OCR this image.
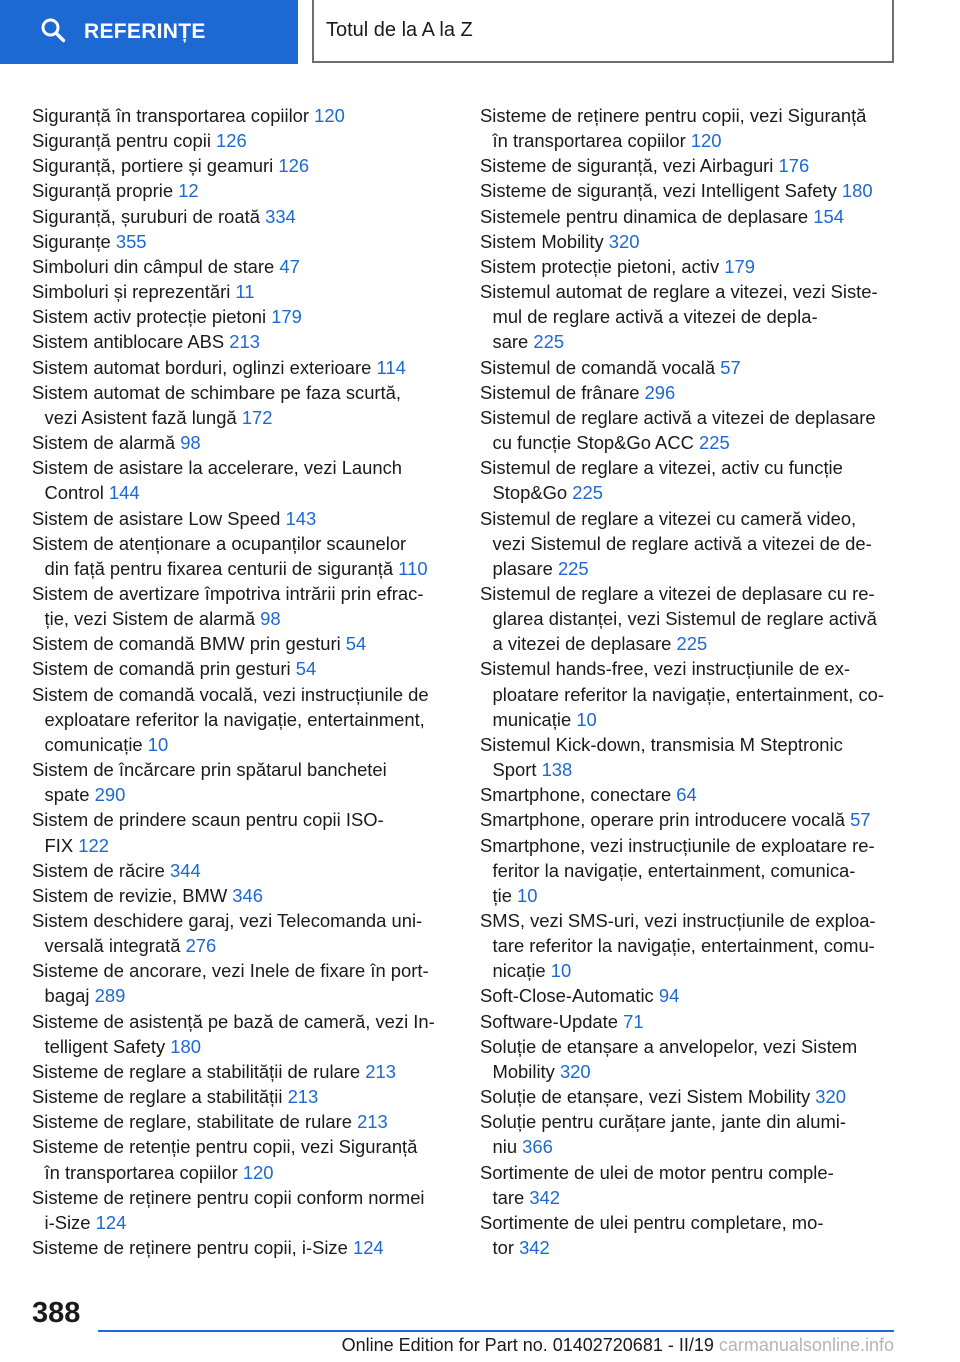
REFERINȚE	Totul de la A la Z
Siguranță în transportarea copiilor 120
Siguranță pentru copii 126
Siguranță, portiere și geamuri 126
Siguranță proprie 12
Siguranță, șuruburi de roată 334
Siguranțe 355
Simboluri din câmpul de stare 47
Simboluri și reprezentări 11
Sistem activ protecție pietoni 179
Sistem antiblocare ABS 213
Sistem automat borduri, oglinzi exterioare 114
Sistem automat de schimbare pe faza scurtă,
vezi Asistent fază lungă 172
Sistem de alarmă 98
Sistem de asistare la accelerare, vezi Launch
Control 144
Sistem de asistare Low Speed 143
Sistem de atenționare a ocupanților scaunelor
din față pentru fixarea centurii de siguranță 110
Sistem de avertizare împotriva intrării prin efrac-
ție, vezi Sistem de alarmă 98
Sistem de comandă BMW prin gesturi 54
Sistem de comandă prin gesturi 54
Sistem de comandă vocală, vezi instrucțiunile de
exploatare referitor la navigație, entertainment,
comunicație 10
Sistem de încărcare prin spătarul banchetei
spate 290
Sistem de prindere scaun pentru copii ISO-
FIX 122
Sistem de răcire 344
Sistem de revizie, BMW 346
Sistem deschidere garaj, vezi Telecomanda uni-
versală integrată 276
Sisteme de ancorare, vezi Inele de fixare în port-
bagaj 289
Sisteme de asistență pe bază de cameră, vezi In-
telligent Safety 180
Sisteme de reglare a stabilității de rulare 213
Sisteme de reglare a stabilității 213
Sisteme de reglare, stabilitate de rulare 213
Sisteme de retenție pentru copii, vezi Siguranță
în transportarea copiilor 120
Sisteme de reținere pentru copii conform normei
i-Size 124
Sisteme de reținere pentru copii, i-Size 124
Sisteme de reținere pentru copii, vezi Siguranță
în transportarea copiilor 120
Sisteme de siguranță, vezi Airbaguri 176
Sisteme de siguranță, vezi Intelligent Safety 180
Sistemele pentru dinamica de deplasare 154
Sistem Mobility 320
Sistem protecție pietoni, activ 179
Sistemul automat de reglare a vitezei, vezi Siste-
mul de reglare activă a vitezei de depla-
sare 225
Sistemul de comandă vocală 57
Sistemul de frânare 296
Sistemul de reglare activă a vitezei de deplasare
cu funcție Stop&Go ACC 225
Sistemul de reglare a vitezei, activ cu funcție
Stop&Go 225
Sistemul de reglare a vitezei cu cameră video,
vezi Sistemul de reglare activă a vitezei de de-
plasare 225
Sistemul de reglare a vitezei de deplasare cu re-
glarea distanței, vezi Sistemul de reglare activă
a vitezei de deplasare 225
Sistemul hands-free, vezi instrucțiunile de ex-
ploatare referitor la navigație, entertainment, co-
municație 10
Sistemul Kick-down, transmisia M Steptronic
Sport 138
Smartphone, conectare 64
Smartphone, operare prin introducere vocală 57
Smartphone, vezi instrucțiunile de exploatare re-
feritor la navigație, entertainment, comunica-
ție 10
SMS, vezi SMS-uri, vezi instrucțiunile de exploa-
tare referitor la navigație, entertainment, comu-
nicație 10
Soft-Close-Automatic 94
Software-Update 71
Soluție de etanșare a anvelopelor, vezi Sistem
Mobility 320
Soluție de etanșare, vezi Sistem Mobility 320
Soluție pentru curățare jante, jante din alumi-
niu 366
Sortimente de ulei de motor pentru comple-
tare 342
Sortimente de ulei pentru completare, mo-
tor 342
388
Online Edition for Part no. 01402720681 - II/19 carmanualsonline.info
